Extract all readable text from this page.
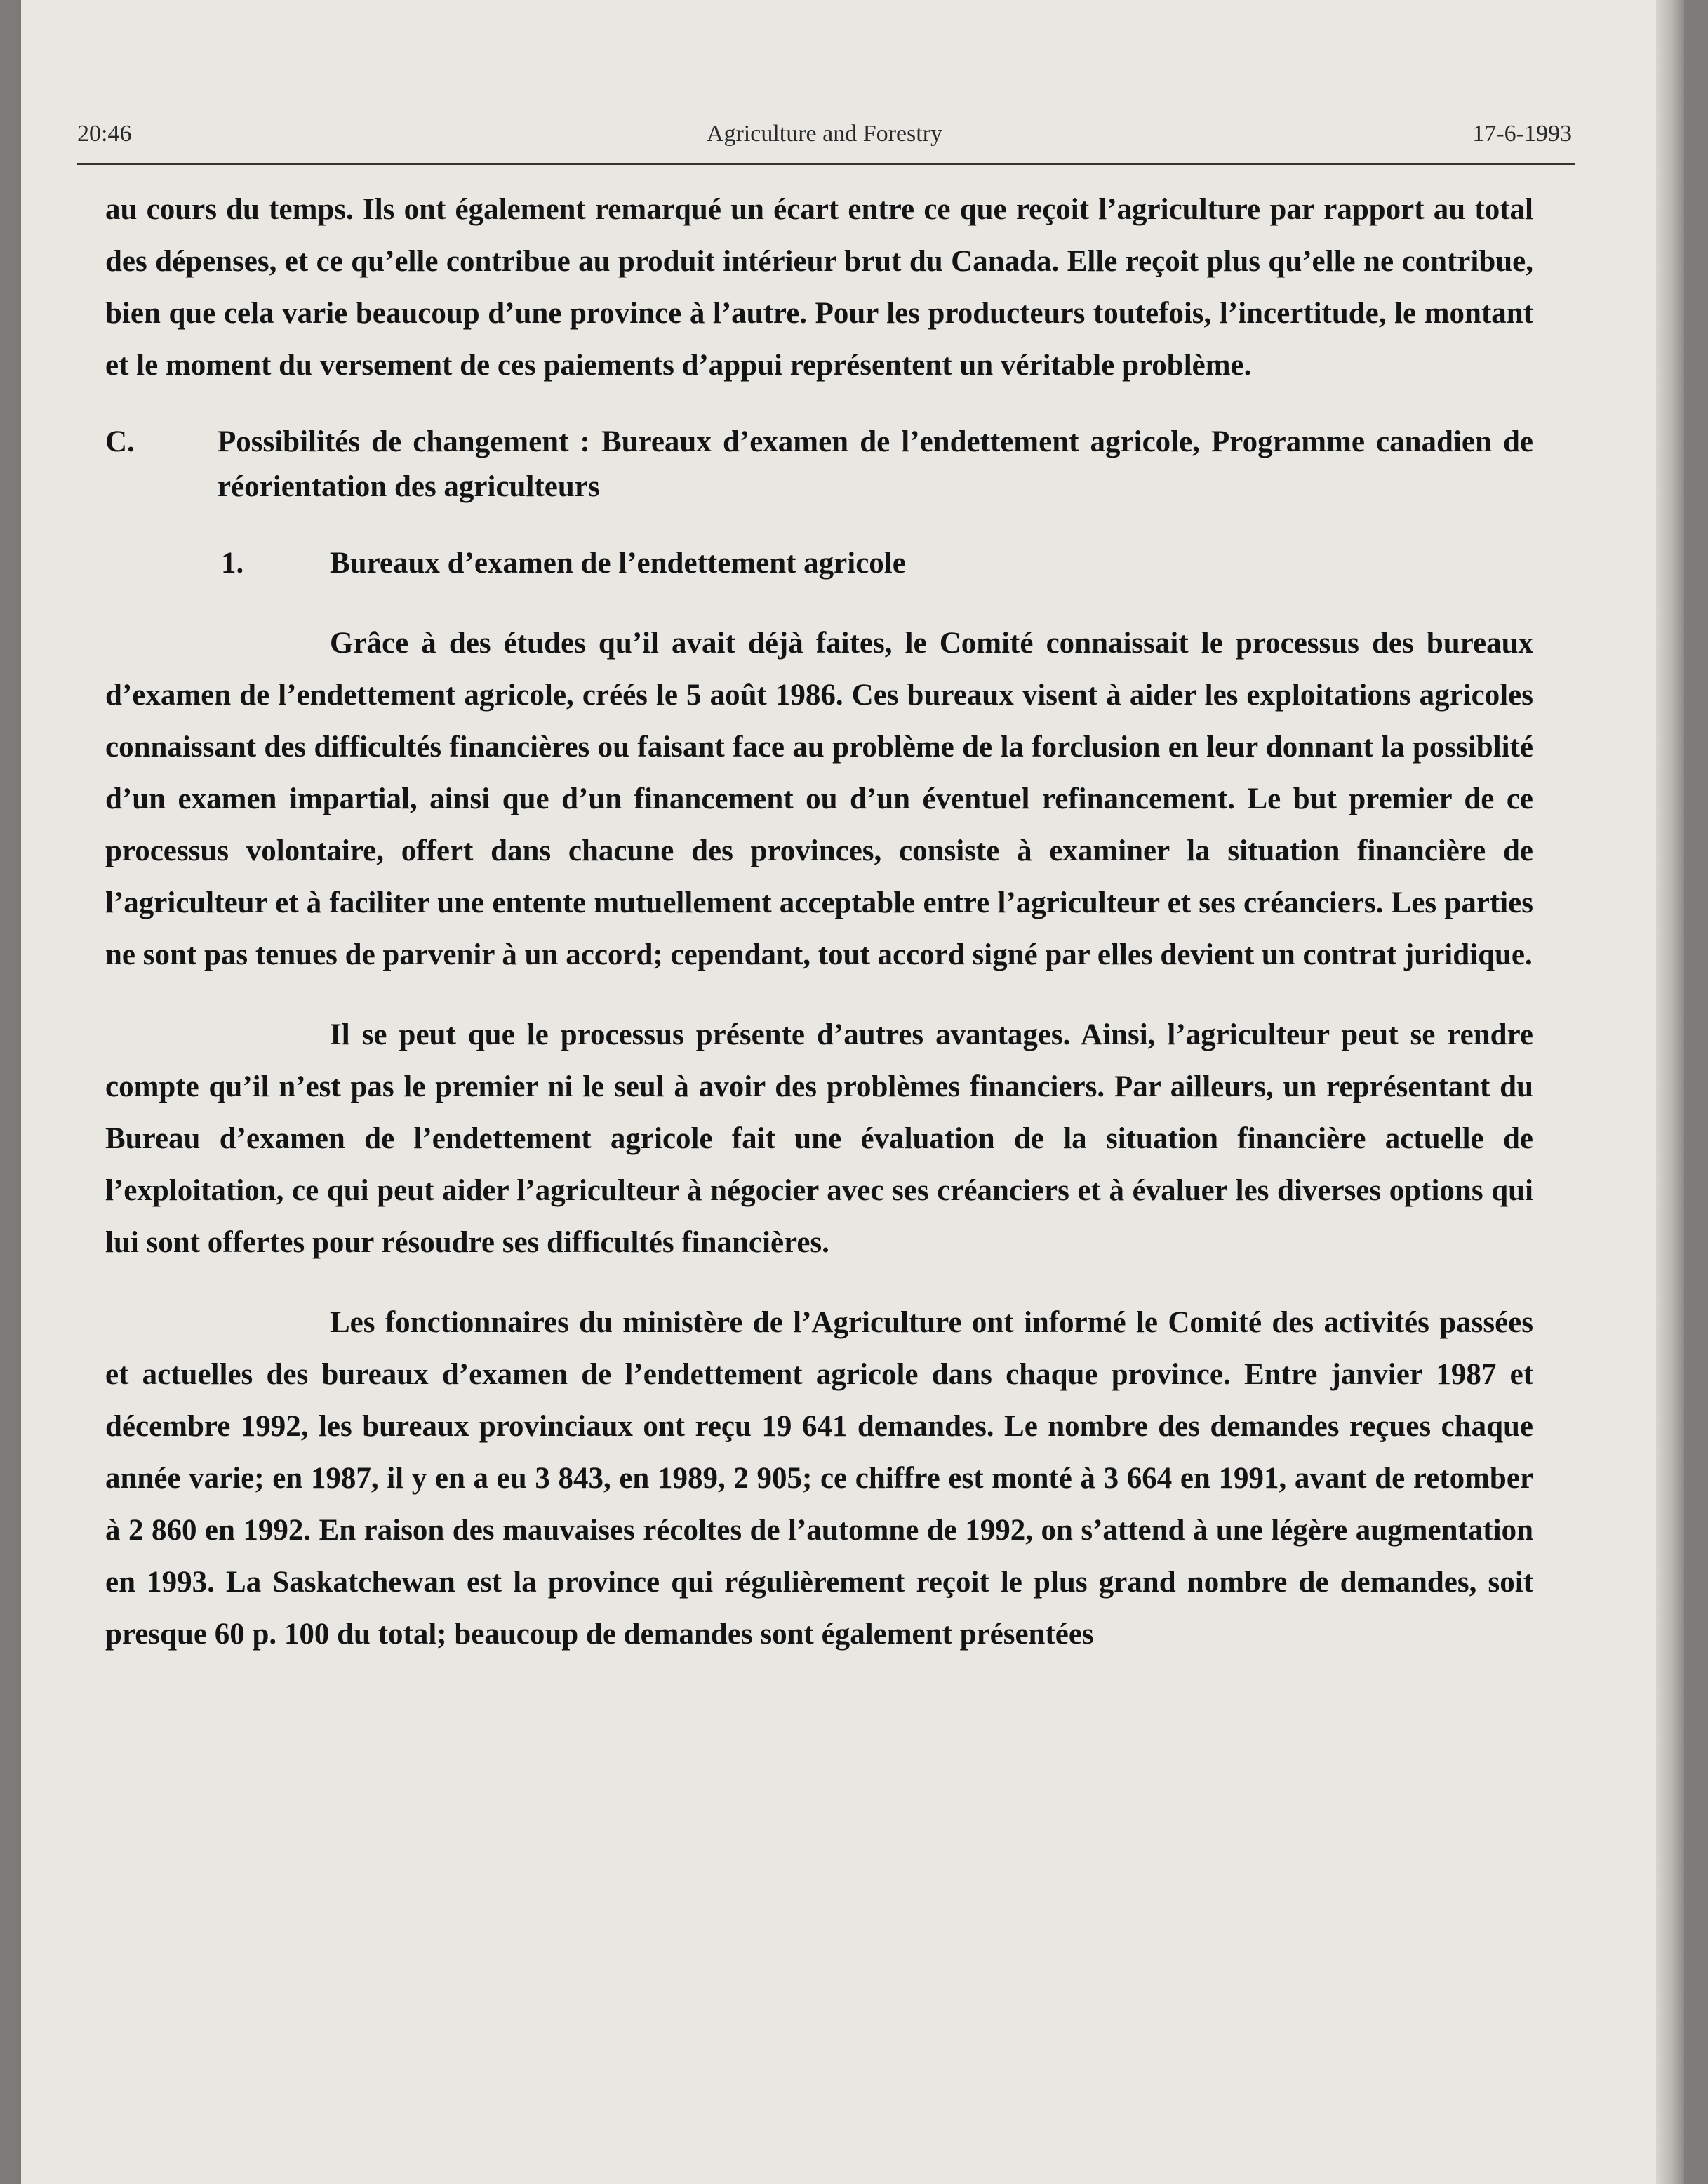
20:46	Agriculture and Forestry	17-6-1993

au cours du temps. Ils ont également remarqué un écart entre ce que reçoit l’agriculture par rapport au total des dépenses, et ce qu’elle contribue au produit intérieur brut du Canada. Elle reçoit plus qu’elle ne contribue, bien que cela varie beaucoup d’une province à l’autre. Pour les producteurs toutefois, l’incertitude, le montant et le moment du versement de ces paiements d’appui représentent un véritable problème.

C.	Possibilités de changement : Bureaux d’examen de l’endettement agricole, Programme canadien de réorientation des agriculteurs
1.	Bureaux d’examen de l’endettement agricole

Grâce à des études qu’il avait déjà faites, le Comité connaissait le processus des bureaux d’examen de l’endettement agricole, créés le 5 août 1986. Ces bureaux visent à aider les exploitations agricoles connaissant des difficultés financières ou faisant face au problème de la forclusion en leur donnant la possiblité d’un examen impartial, ainsi que d’un financement ou d’un éventuel refinancement. Le but premier de ce processus volontaire, offert dans chacune des provinces, consiste à examiner la situation financière de l’agriculteur et à faciliter une entente mutuellement acceptable entre l’agriculteur et ses créanciers. Les parties ne sont pas tenues de parvenir à un accord; cependant, tout accord signé par elles devient un contrat juridique.

Il se peut que le processus présente d’autres avantages. Ainsi, l’agriculteur peut se rendre compte qu’il n’est pas le premier ni le seul à avoir des problèmes financiers. Par ailleurs, un représentant du Bureau d’examen de l’endettement agricole fait une évaluation de la situation financière actuelle de l’exploitation, ce qui peut aider l’agriculteur à négocier avec ses créanciers et à évaluer les diverses options qui lui sont offertes pour résoudre ses difficultés financières.

Les fonctionnaires du ministère de l’Agriculture ont informé le Comité des activités passées et actuelles des bureaux d’examen de l’endettement agricole dans chaque province. Entre janvier 1987 et décembre 1992, les bureaux provinciaux ont reçu 19 641 demandes. Le nombre des demandes reçues chaque année varie; en 1987, il y en a eu 3 843, en 1989, 2 905; ce chiffre est monté à 3 664 en 1991, avant de retomber à 2 860 en 1992. En raison des mauvaises récoltes de l’automne de 1992, on s’attend à une légère augmentation en 1993. La Saskatchewan est la province qui régulièrement reçoit le plus grand nombre de demandes, soit presque 60 p. 100 du total; beaucoup de demandes sont également présentées
